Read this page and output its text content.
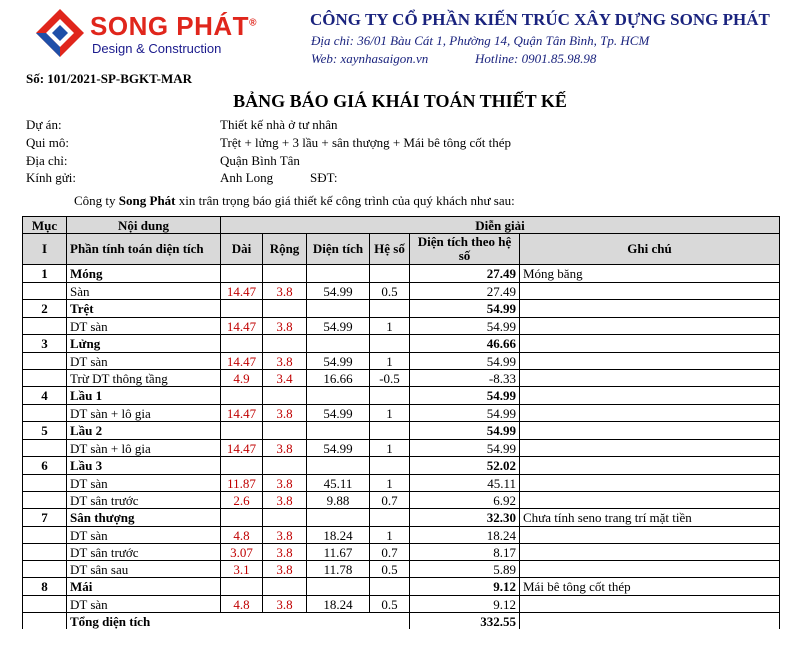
SONG PHÁT®
Design & Construction
CÔNG TY CỔ PHẦN KIẾN TRÚC XÂY DỰNG SONG PHÁT
Địa chỉ: 36/01 Bàu Cát 1, Phường 14, Quận Tân Bình, Tp. HCM
Web: xaynhasaigon.vn	Hotline: 0901.85.98.98
Số: 101/2021-SP-BGKT-MAR
BẢNG BÁO GIÁ KHÁI TOÁN THIẾT KẾ
Dự án:	Thiết kế nhà ở tư nhân
Qui mô:	Trệt + lửng + 3 lầu + sân thượng + Mái bê tông cốt thép
Địa chỉ:	Quận Bình Tân
Kính gửi:	Anh Long	SĐT:
Công ty Song Phát xin trân trọng báo giá thiết kế công trình của quý khách như sau:
Mục	Nội dung	Diễn giải					
I	Phần tính toán diện tích	Dài	Rộng	Diện tích	Hệ số	Diện tích theo hệ số	Ghi chú
1	Móng					27.49	Móng băng
	Sàn	14.47	3.8	54.99	0.5	27.49	
2	Trệt					54.99	
	DT sàn	14.47	3.8	54.99	1	54.99	
3	Lửng					46.66	
	DT sàn	14.47	3.8	54.99	1	54.99	
	Trừ DT thông tầng	4.9	3.4	16.66	-0.5	-8.33	
4	Lầu 1					54.99	
	DT sàn + lô gia	14.47	3.8	54.99	1	54.99	
5	Lầu 2					54.99	
	DT sàn + lô gia	14.47	3.8	54.99	1	54.99	
6	Lầu 3					52.02	
	DT sàn	11.87	3.8	45.11	1	45.11	
	DT sân trước	2.6	3.8	9.88	0.7	6.92	
7	Sân thượng					32.30	Chưa tính seno trang trí mặt tiền
	DT sàn	4.8	3.8	18.24	1	18.24	
	DT sân trước	3.07	3.8	11.67	0.7	8.17	
	DT sân sau	3.1	3.8	11.78	0.5	5.89	
8	Mái					9.12	Mái bê tông cốt thép
	DT sàn	4.8	3.8	18.24	0.5	9.12	
	Tổng diện tích					332.55	
